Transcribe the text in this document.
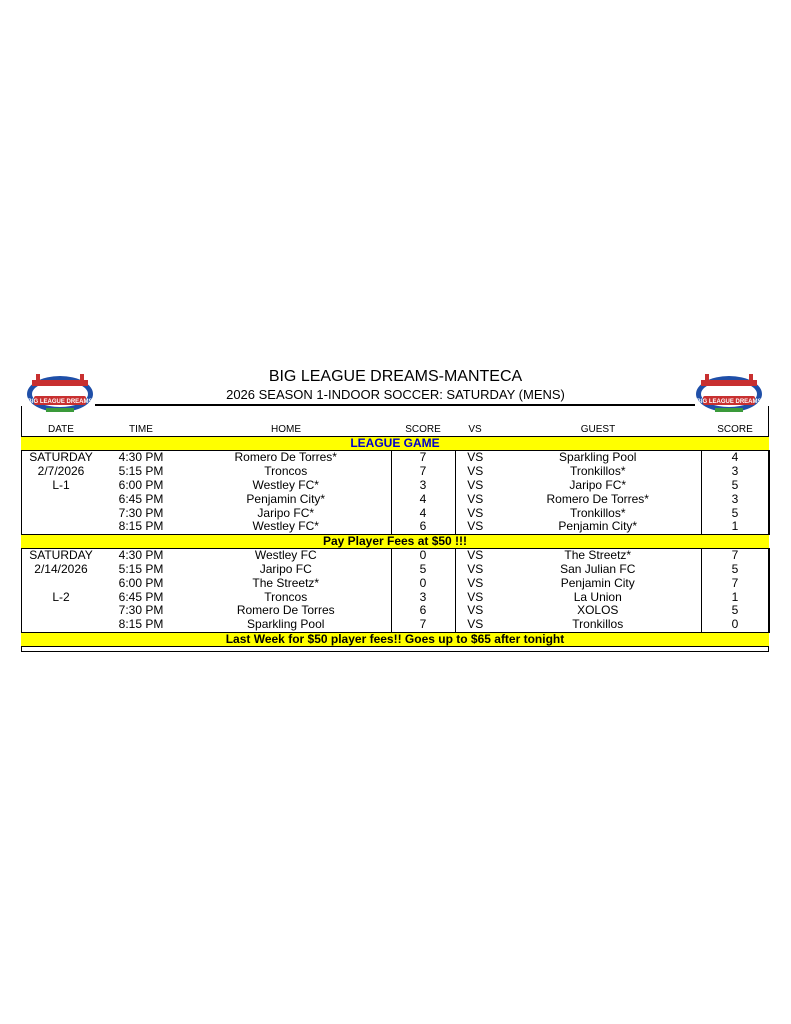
BIG LEAGUE DREAMS	BIG LEAGUE DREAMS
BIG LEAGUE DREAMS-MANTECA
2026 SEASON 1-INDOOR SOCCER: SATURDAY (MENS)
DATE	TIME	HOME	SCORE	VS	GUEST	SCORE
LEAGUE GAME						
SATURDAY	4:30 PM	Romero De Torres*	7	VS	Sparkling Pool	4
2/7/2026	5:15 PM	Troncos	7	VS	Tronkillos*	3
L-1	6:00 PM	Westley FC*	3	VS	Jaripo FC*	5
	6:45 PM	Penjamin City*	4	VS	Romero De Torres*	3
	7:30 PM	Jaripo FC*	4	VS	Tronkillos*	5
	8:15 PM	Westley FC*	6	VS	Penjamin City*	1
Pay Player Fees at $50 !!!						
SATURDAY	4:30 PM	Westley FC	0	VS	The Streetz*	7
2/14/2026	5:15 PM	Jaripo FC	5	VS	San Julian FC	5
	6:00 PM	The Streetz*	0	VS	Penjamin City	7
L-2	6:45 PM	Troncos	3	VS	La Union	1
	7:30 PM	Romero De Torres	6	VS	XOLOS	5
	8:15 PM	Sparkling Pool	7	VS	Tronkillos	0
Last Week for $50 player fees!! Goes up to $65 after tonight						
